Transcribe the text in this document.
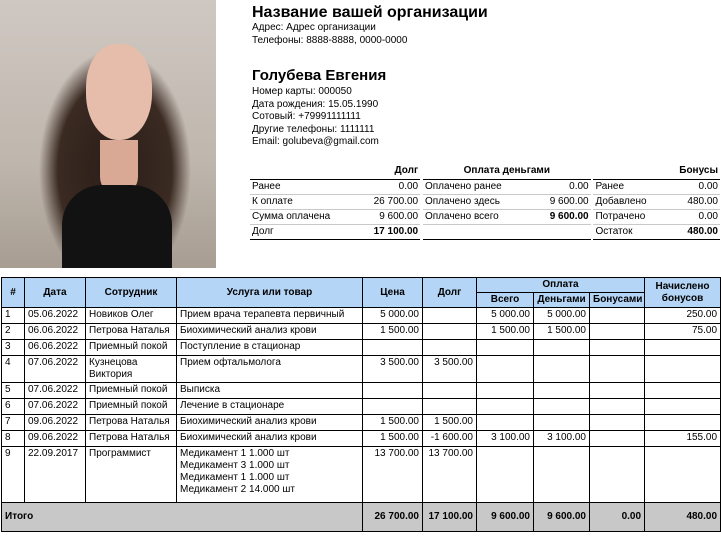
Название вашей организации
Адрес: Адрес организации
Телефоны: 8888-8888, 0000-0000
Голубева Евгения
Номер карты: 000050
Дата рождения: 15.05.1990
Сотовый: +79991111111
Другие телефоны: 1111111
Email: golubeva@gmail.com
	Долг		Оплата деньгами				Бонусы
Ранее	0.00		Оплачено ранее	0.00		Ранее	0.00
К оплате	26 700.00		Оплачено здесь	9 600.00		Добавлено	480.00
Сумма оплачена	9 600.00		Оплачено всего	9 600.00		Потрачено	0.00
Долг	17 100.00					Остаток	480.00
#	Дата	Сотрудник	Услуга или товар	Цена	Долг	Оплата			Начислено бонусов
						Всего	Деньгами	Бонусами	
1	05.06.2022	Новиков Олег	Прием врача терапевта первичный	5 000.00		5 000.00	5 000.00		250.00
2	06.06.2022	Петрова Наталья	Биохимический анализ крови	1 500.00		1 500.00	1 500.00		75.00
3	06.06.2022	Приемный покой	Поступление в стационар						

4	07.06.2022	Кузнецова Виктория	Прием офтальмолога	3 500.00	3 500.00				
5	07.06.2022	Приемный покой	Выписка						

6	07.06.2022	Приемный покой	Лечение в стационаре						

7	09.06.2022	Петрова Наталья	Биохимический анализ крови	1 500.00	1 500.00				
8	09.06.2022	Петрова Наталья	Биохимический анализ крови	1 500.00	-1 600.00	3 100.00	3 100.00		155.00
9	22.09.2017	Программист	Медикамент 1 1.000 шт
Медикамент 3 1.000 шт
Медикамент 1 1.000 шт
Медикамент 2 14.000 шт	13 700.00	13 700.00				
Итого				26 700.00	17 100.00	9 600.00	9 600.00	0.00	480.00
